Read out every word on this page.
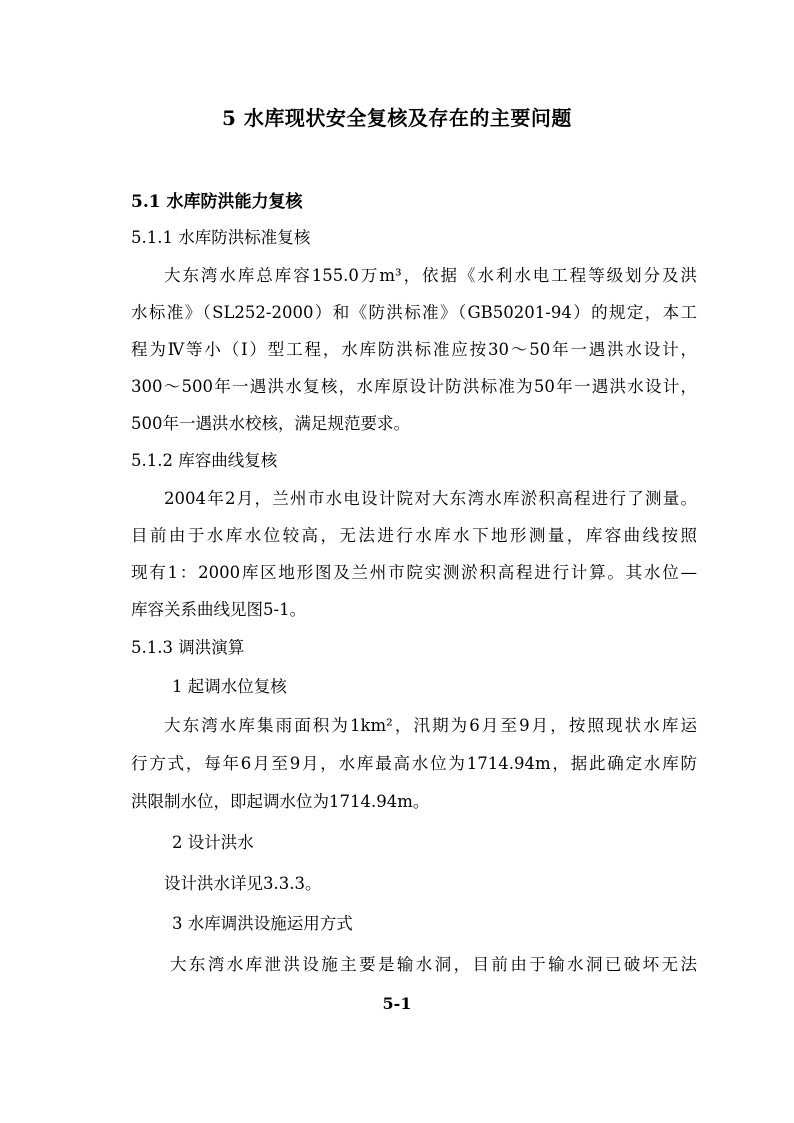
5 水库现状安全复核及存在的主要问题

5.1 水库防洪能力复核

5.1.1 水库防洪标准复核

大东湾水库总库容155.0万m³，依据《水利水电工程等级划分及洪

水标准》（SL252-2000）和《防洪标准》（GB50201-94）的规定，本工

程为Ⅳ等小（Ⅰ）型工程，水库防洪标准应按30～50年一遇洪水设计，

300～500年一遇洪水复核，水库原设计防洪标准为50年一遇洪水设计，

500年一遇洪水校核，满足规范要求。

5.1.2 库容曲线复核

2004年2月，兰州市水电设计院对大东湾水库淤积高程进行了测量。

目前由于水库水位较高，无法进行水库水下地形测量，库容曲线按照

现有1：2000库区地形图及兰州市院实测淤积高程进行计算。其水位—

库容关系曲线见图5-1。

5.1.3 调洪演算

1 起调水位复核

大东湾水库集雨面积为1km²，汛期为6月至9月，按照现状水库运

行方式，每年6月至9月，水库最高水位为1714.94m，据此确定水库防

洪限制水位，即起调水位为1714.94m。

2 设计洪水

设计洪水详见3.3.3。

3 水库调洪设施运用方式

大东湾水库泄洪设施主要是输水洞，目前由于输水洞已破坏无法

5-1
